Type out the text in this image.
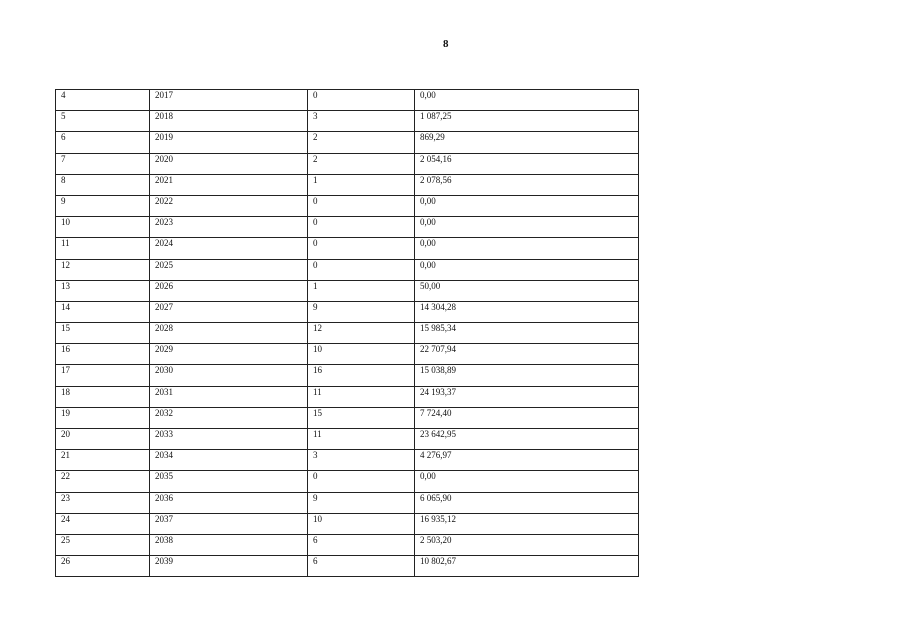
8
4	2017	0	0,00
5	2018	3	1 087,25
6	2019	2	869,29
7	2020	2	2 054,16
8	2021	1	2 078,56
9	2022	0	0,00
10	2023	0	0,00
11	2024	0	0,00
12	2025	0	0,00
13	2026	1	50,00
14	2027	9	14 304,28
15	2028	12	15 985,34
16	2029	10	22 707,94
17	2030	16	15 038,89
18	2031	11	24 193,37
19	2032	15	7 724,40
20	2033	11	23 642,95
21	2034	3	4 276,97
22	2035	0	0,00
23	2036	9	6 065,90
24	2037	10	16 935,12
25	2038	6	2 503,20
26	2039	6	10 802,67
